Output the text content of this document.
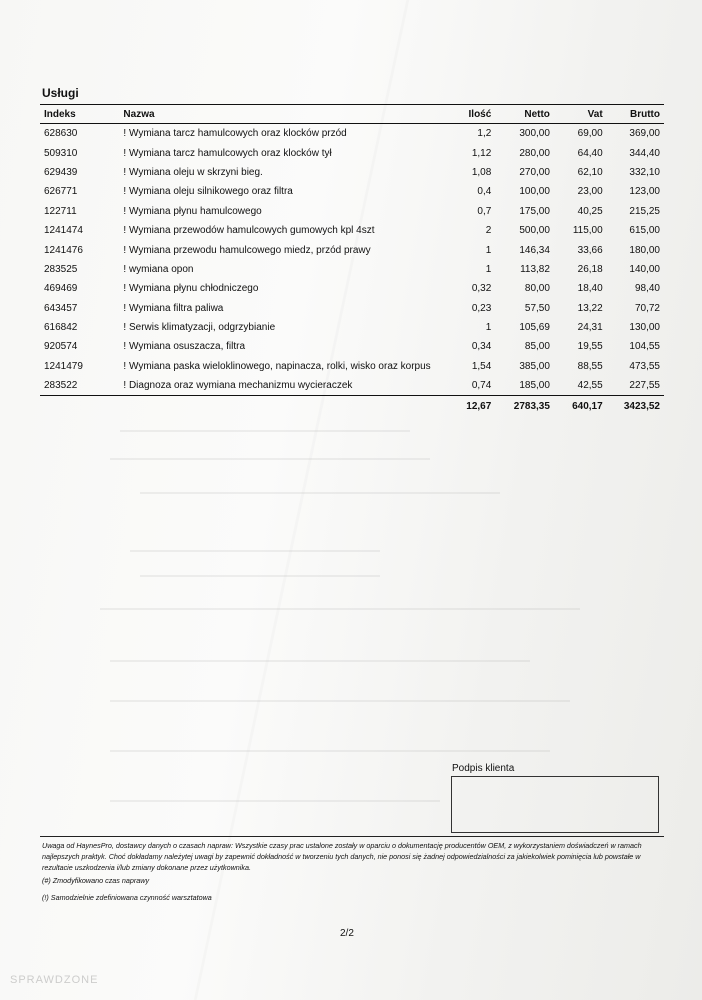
Usługi
Indeks	Nazwa	Ilość	Netto	Vat	Brutto
628630	! Wymiana tarcz hamulcowych oraz klocków przód	1,2	300,00	69,00	369,00
509310	! Wymiana tarcz hamulcowych oraz klocków tył	1,12	280,00	64,40	344,40
629439	! Wymiana oleju w skrzyni bieg.	1,08	270,00	62,10	332,10
626771	! Wymiana oleju silnikowego oraz filtra	0,4	100,00	23,00	123,00
122711	! Wymiana płynu hamulcowego	0,7	175,00	40,25	215,25
1241474	! Wymiana przewodów hamulcowych gumowych kpl 4szt	2	500,00	115,00	615,00
1241476	! Wymiana przewodu hamulcowego miedz, przód prawy	1	146,34	33,66	180,00
283525	! wymiana opon	1	113,82	26,18	140,00
469469	! Wymiana płynu chłodniczego	0,32	80,00	18,40	98,40
643457	! Wymiana filtra paliwa	0,23	57,50	13,22	70,72
616842	! Serwis klimatyzacji, odgrzybianie	1	105,69	24,31	130,00
920574	! Wymiana osuszacza, filtra	0,34	85,00	19,55	104,55
1241479	! Wymiana paska wieloklinowego, napinacza, rolki, wisko oraz korpus	1,54	385,00	88,55	473,55
283522	! Diagnoza oraz wymiana mechanizmu wycieraczek	0,74	185,00	42,55	227,55
		12,67	2783,35	640,17	3423,52
Podpis klienta
Uwaga od HaynesPro, dostawcy danych o czasach napraw: Wszystkie czasy prac ustalone zostały w oparciu o dokumentację producentów OEM, z wykorzystaniem doświadczeń w ramach najlepszych praktyk. Choć dokładamy należytej uwagi by zapewnić dokładność w tworzeniu tych danych, nie ponosi się żadnej odpowiedzialności za jakiekolwiek pominięcia lub powstałe w rezultacie uszkodzenia i/lub zmiany dokonane przez użytkownika.
(#) Zmodyfikowano czas naprawy
(!) Samodzielnie zdefiniowana czynność warsztatowa
2/2
SPRAWDZONE
